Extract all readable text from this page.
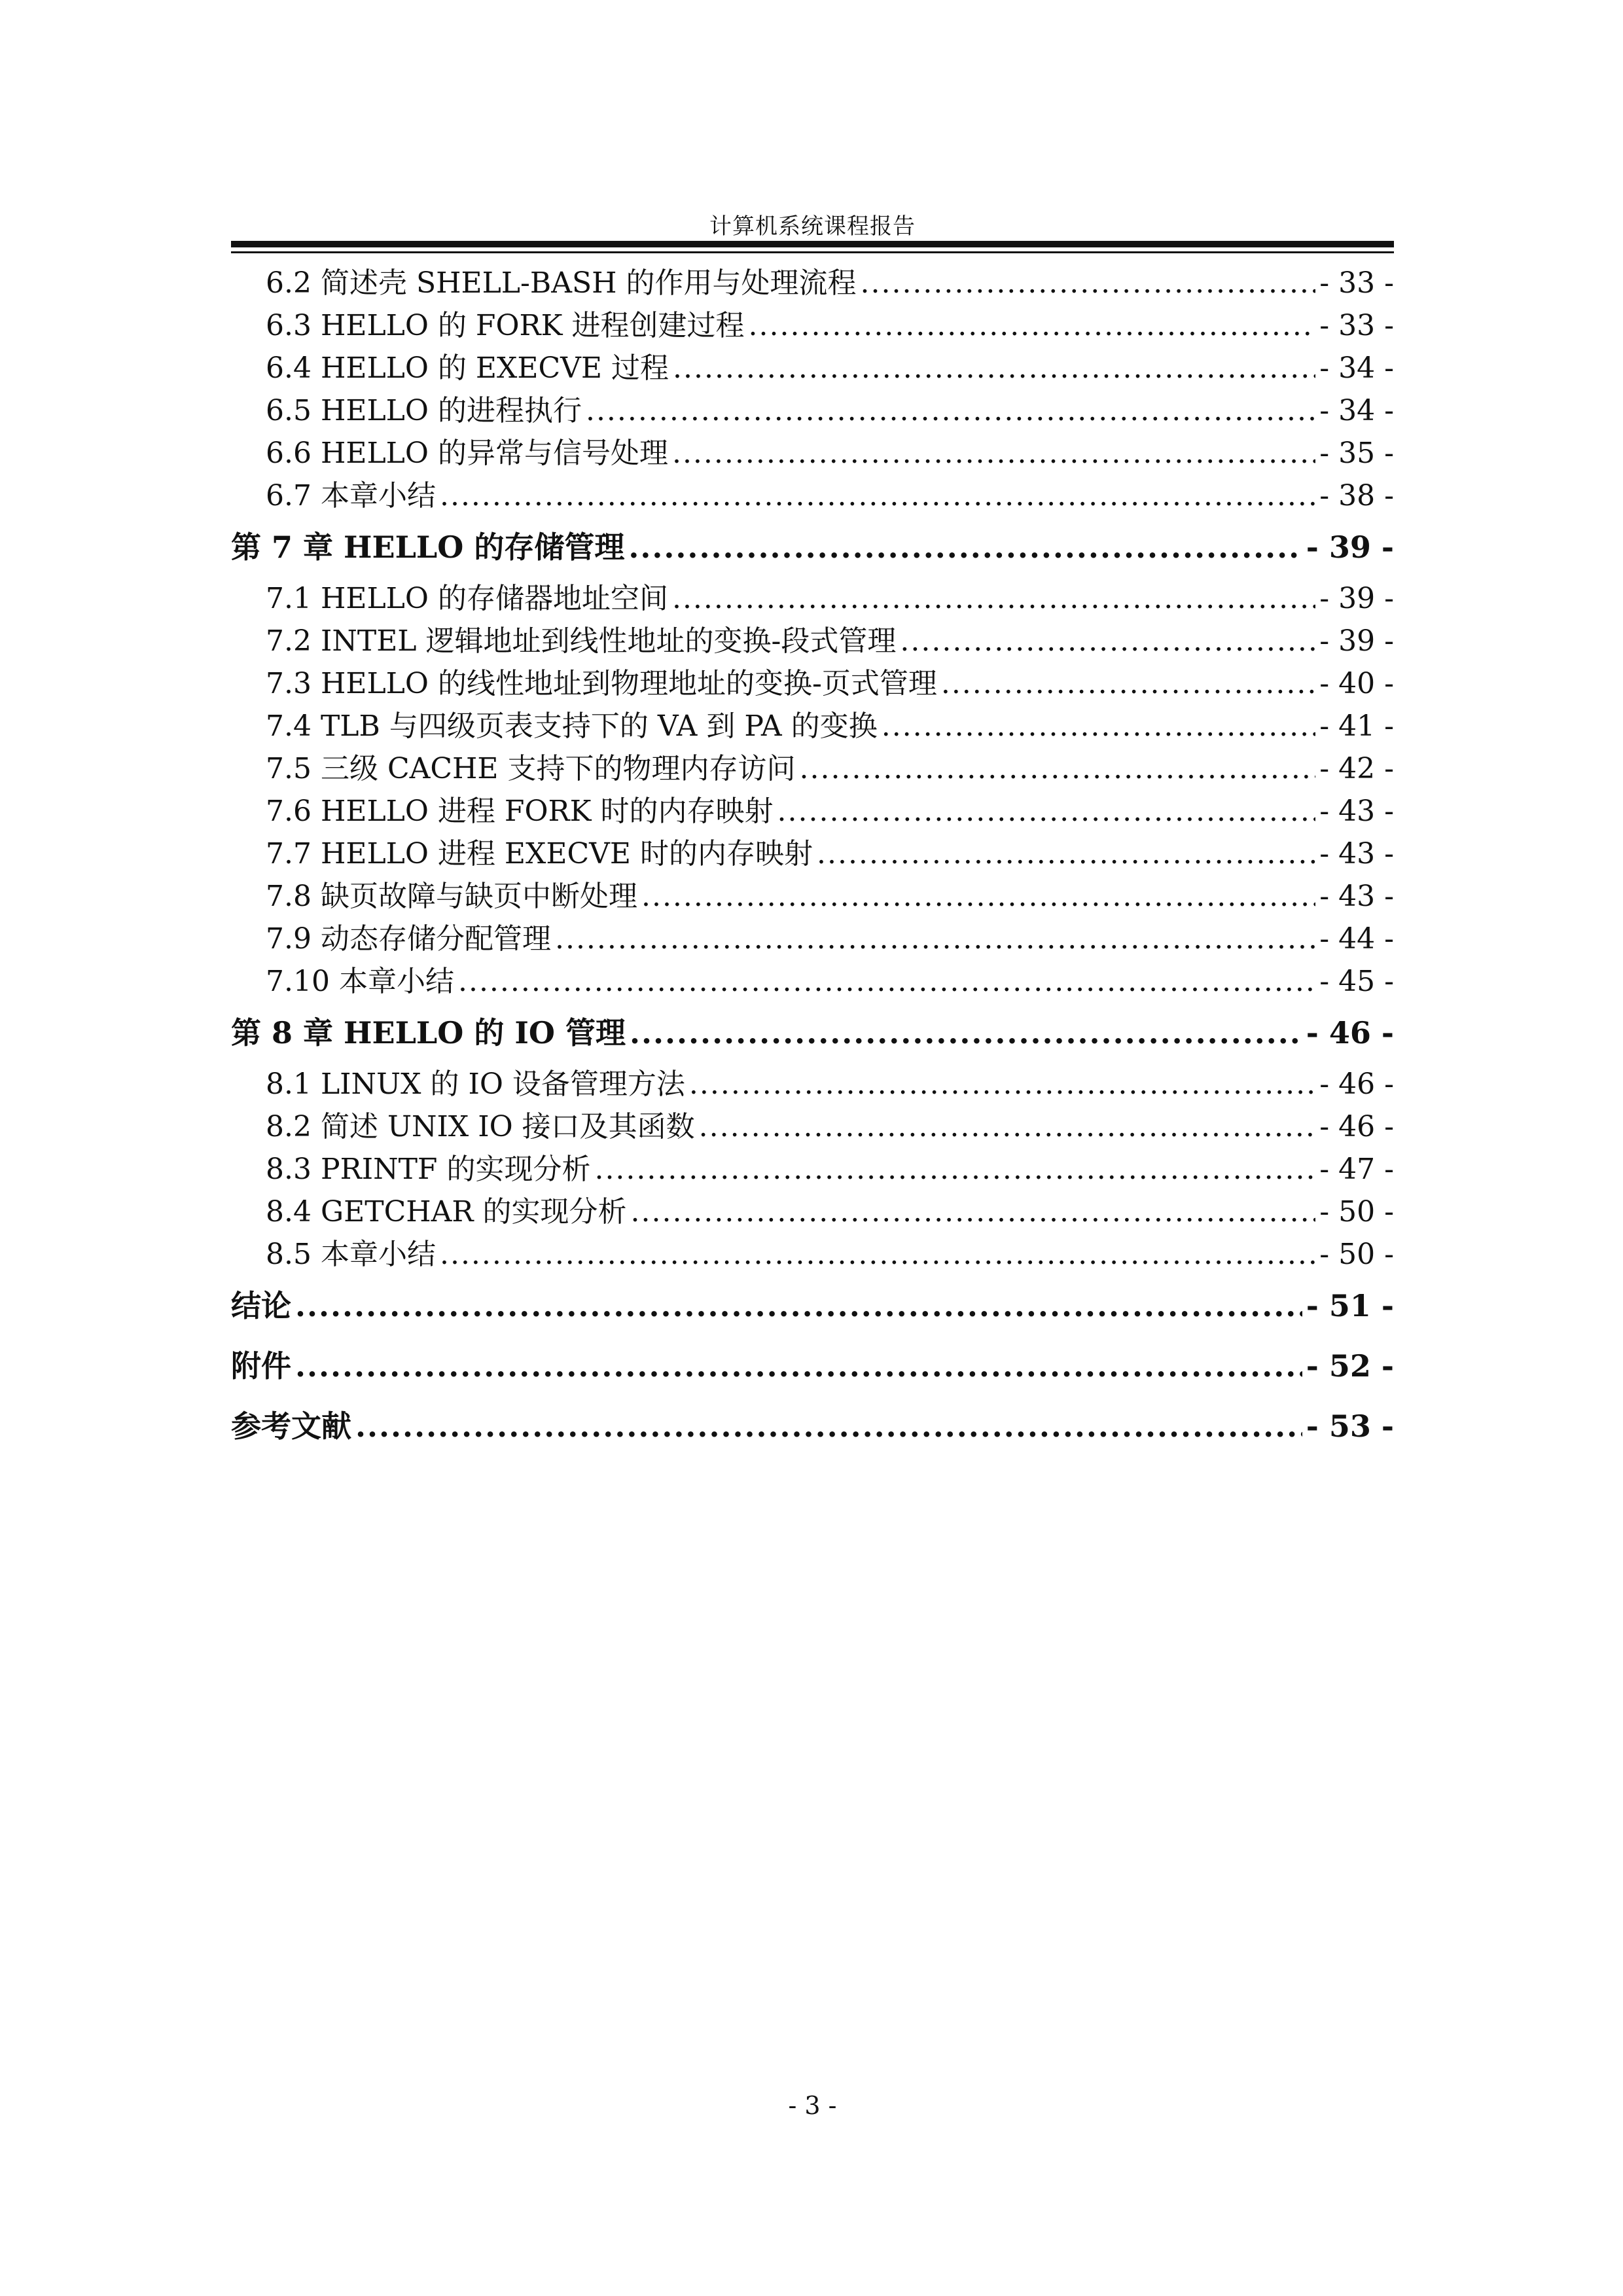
计算机系统课程报告
6.2 简述壳 SHELL-BASH 的作用与处理流程 .....	- 33 -
6.3 HELLO 的 FORK 进程创建过程 .....	- 33 -
6.4 HELLO 的 EXECVE 过程 .....	- 34 -
6.5 HELLO 的进程执行 .....	- 34 -
6.6 HELLO 的异常与信号处理 .....	- 35 -
6.7 本章小结 .....	- 38 -
第 7 章 HELLO 的存储管理 .....	- 39 -
7.1 HELLO 的存储器地址空间 .....	- 39 -
7.2 INTEL 逻辑地址到线性地址的变换-段式管理 .....	- 39 -
7.3 HELLO 的线性地址到物理地址的变换-页式管理 .....	- 40 -
7.4 TLB 与四级页表支持下的 VA 到 PA 的变换 .....	- 41 -
7.5 三级 CACHE 支持下的物理内存访问 .....	- 42 -
7.6 HELLO 进程 FORK 时的内存映射 .....	- 43 -
7.7 HELLO 进程 EXECVE 时的内存映射 .....	- 43 -
7.8 缺页故障与缺页中断处理 .....	- 43 -
7.9 动态存储分配管理 .....	- 44 -
7.10 本章小结 .....	- 45 -
第 8 章 HELLO 的 IO 管理 .....	- 46 -
8.1 LINUX 的 IO 设备管理方法 .....	- 46 -
8.2 简述 UNIX IO 接口及其函数 .....	- 46 -
8.3 PRINTF 的实现分析 .....	- 47 -
8.4 GETCHAR 的实现分析 .....	- 50 -
8.5 本章小结 .....	- 50 -
结论 .....	- 51 -
附件 .....	- 52 -
参考文献 .....	- 53 -
- 3 -
